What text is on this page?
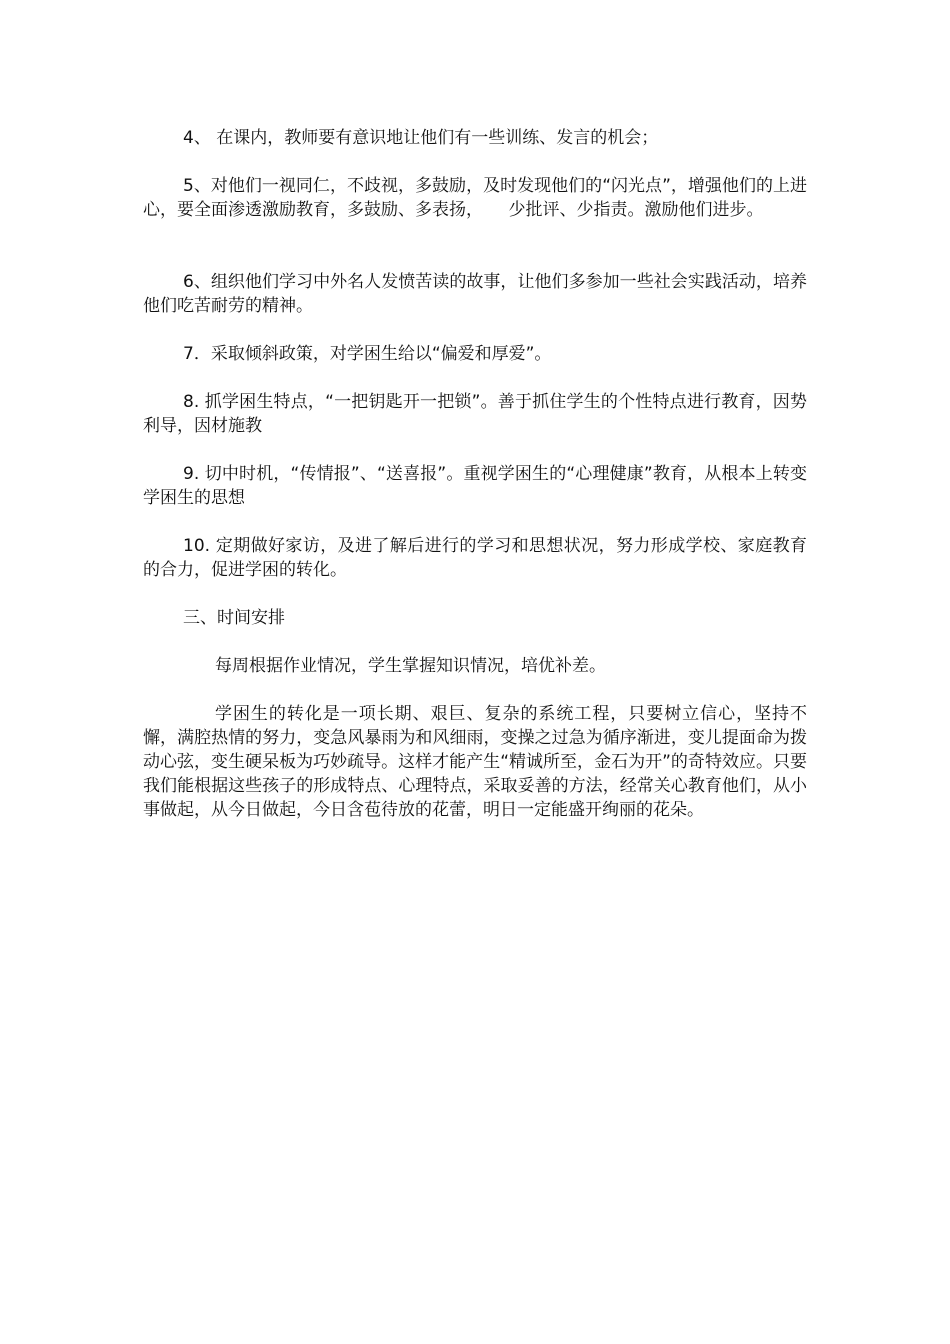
4、 在课内，教师要有意识地让他们有一些训练、发言的机会；

5、对他们一视同仁，不歧视，多鼓励，及时发现他们的“闪光点”，增强他们的上进心，要全面渗透激励教育，多鼓励、多表扬，　　少批评、少指责。激励他们进步。

6、组织他们学习中外名人发愤苦读的故事，让他们多参加一些社会实践活动，培养他们吃苦耐劳的精神。

7．采取倾斜政策，对学困生给以“偏爱和厚爱”。

8. 抓学困生特点，“一把钥匙开一把锁”。善于抓住学生的个性特点进行教育，因势利导，因材施教

9. 切中时机，“传情报”、“送喜报”。重视学困生的“心理健康”教育，从根本上转变学困生的思想

10. 定期做好家访，及进了解后进行的学习和思想状况，努力形成学校、家庭教育的合力，促进学困的转化。

三、时间安排

每周根据作业情况，学生掌握知识情况，培优补差。

学困生的转化是一项长期、艰巨、复杂的系统工程，只要树立信心，坚持不懈，满腔热情的努力，变急风暴雨为和风细雨，变操之过急为循序渐进，变儿提面命为拨动心弦，变生硬呆板为巧妙疏导。这样才能产生“精诚所至，金石为开”的奇特效应。只要我们能根据这些孩子的形成特点、心理特点，采取妥善的方法，经常关心教育他们，从小事做起，从今日做起，今日含苞待放的花蕾，明日一定能盛开绚丽的花朵。
